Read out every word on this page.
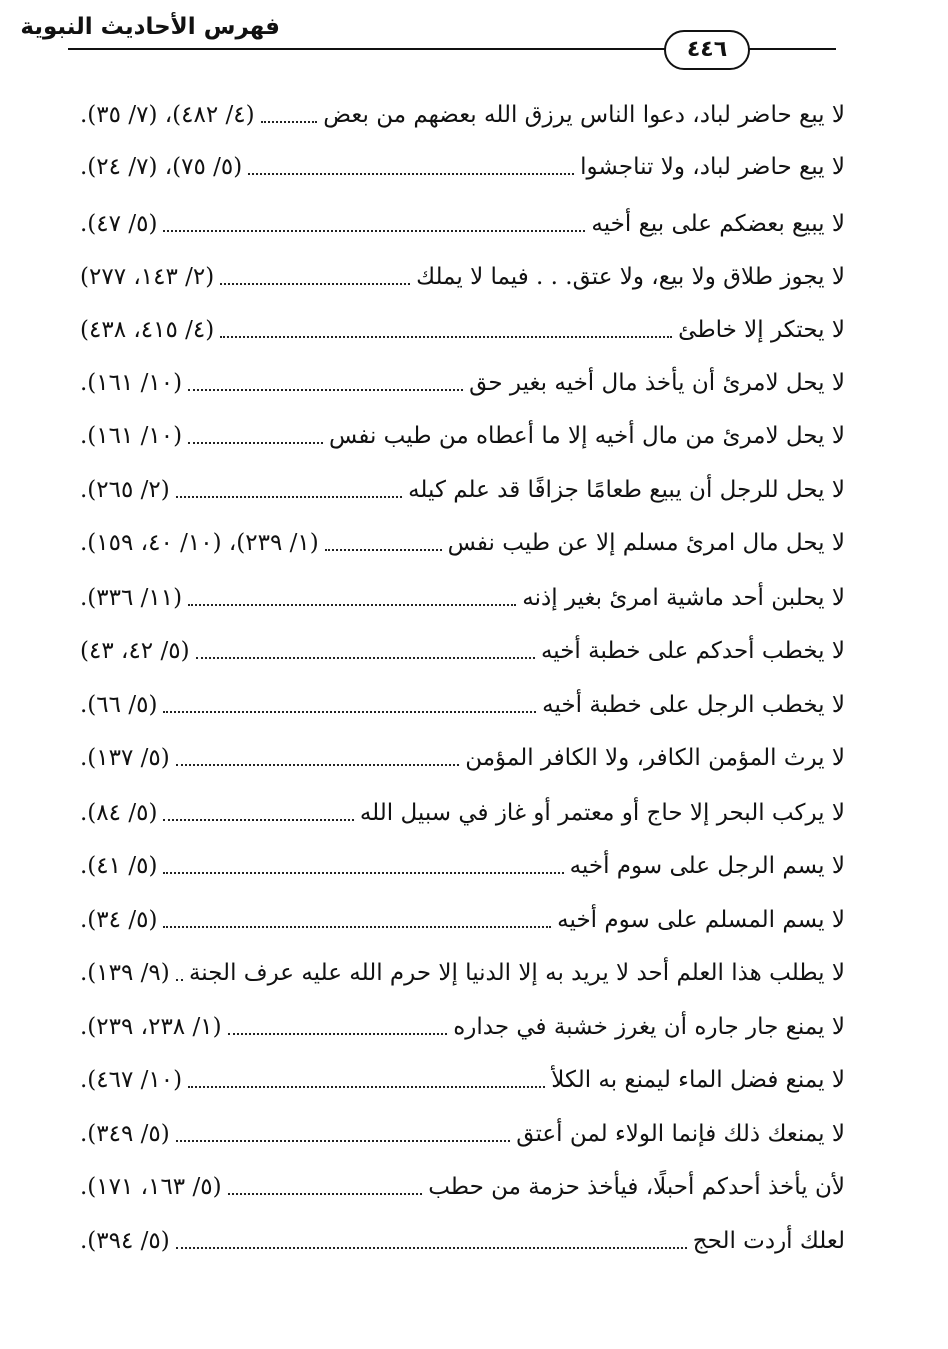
فهرس الأحاديث النبوية
٤٤٦
لا يبع حاضر لباد، دعوا الناس يرزق الله بعضهم من بعض
(٤/ ٤٨٢)، (٧/ ٣٥).
لا يبع حاضر لباد، ولا تناجشوا
(٥/ ٧٥)، (٧/ ٢٤).
لا يبيع بعضكم على بيع أخيه
(٥/ ٤٧).
لا يجوز طلاق ولا بيع، ولا عتق. . . فيما لا يملك
(٢/ ١٤٣، ٢٧٧)
لا يحتكر إلا خاطئ
(٤/ ٤١٥، ٤٣٨)
لا يحل لامرئ أن يأخذ مال أخيه بغير حق
(١٠/ ١٦١).
لا يحل لامرئ من مال أخيه إلا ما أعطاه من طيب نفس
(١٠/ ١٦١).
لا يحل للرجل أن يبيع طعامًا جزافًا قد علم كيله
(٢/ ٢٦٥).
لا يحل مال امرئ مسلم إلا عن طيب نفس
(١/ ٢٣٩)، (١٠/ ٤٠، ١٥٩).
لا يحلبن أحد ماشية امرئ بغير إذنه
(١١/ ٣٣٦).
لا يخطب أحدكم على خطبة أخيه
(٥/ ٤٢، ٤٣)
لا يخطب الرجل على خطبة أخيه
(٥/ ٦٦).
لا يرث المؤمن الكافر، ولا الكافر المؤمن
(٥/ ١٣٧).
لا يركب البحر إلا حاج أو معتمر أو غاز في سبيل الله
(٥/ ٨٤).
لا يسم الرجل على سوم أخيه
(٥/ ٤١).
لا يسم المسلم على سوم أخيه
(٥/ ٣٤).
لا يطلب هذا العلم أحد لا يريد به إلا الدنيا إلا حرم الله عليه عرف الجنة
(٩/ ١٣٩).
لا يمنع جار جاره أن يغرز خشبة في جداره
(١/ ٢٣٨، ٢٣٩).
لا يمنع فضل الماء ليمنع به الكلأ
(١٠/ ٤٦٧).
لا يمنعك ذلك فإنما الولاء لمن أعتق
(٥/ ٣٤٩).
لأن يأخذ أحدكم أحبلًا، فيأخذ حزمة من حطب
(٥/ ١٦٣، ١٧١).
لعلك أردت الحج
(٥/ ٣٩٤).
